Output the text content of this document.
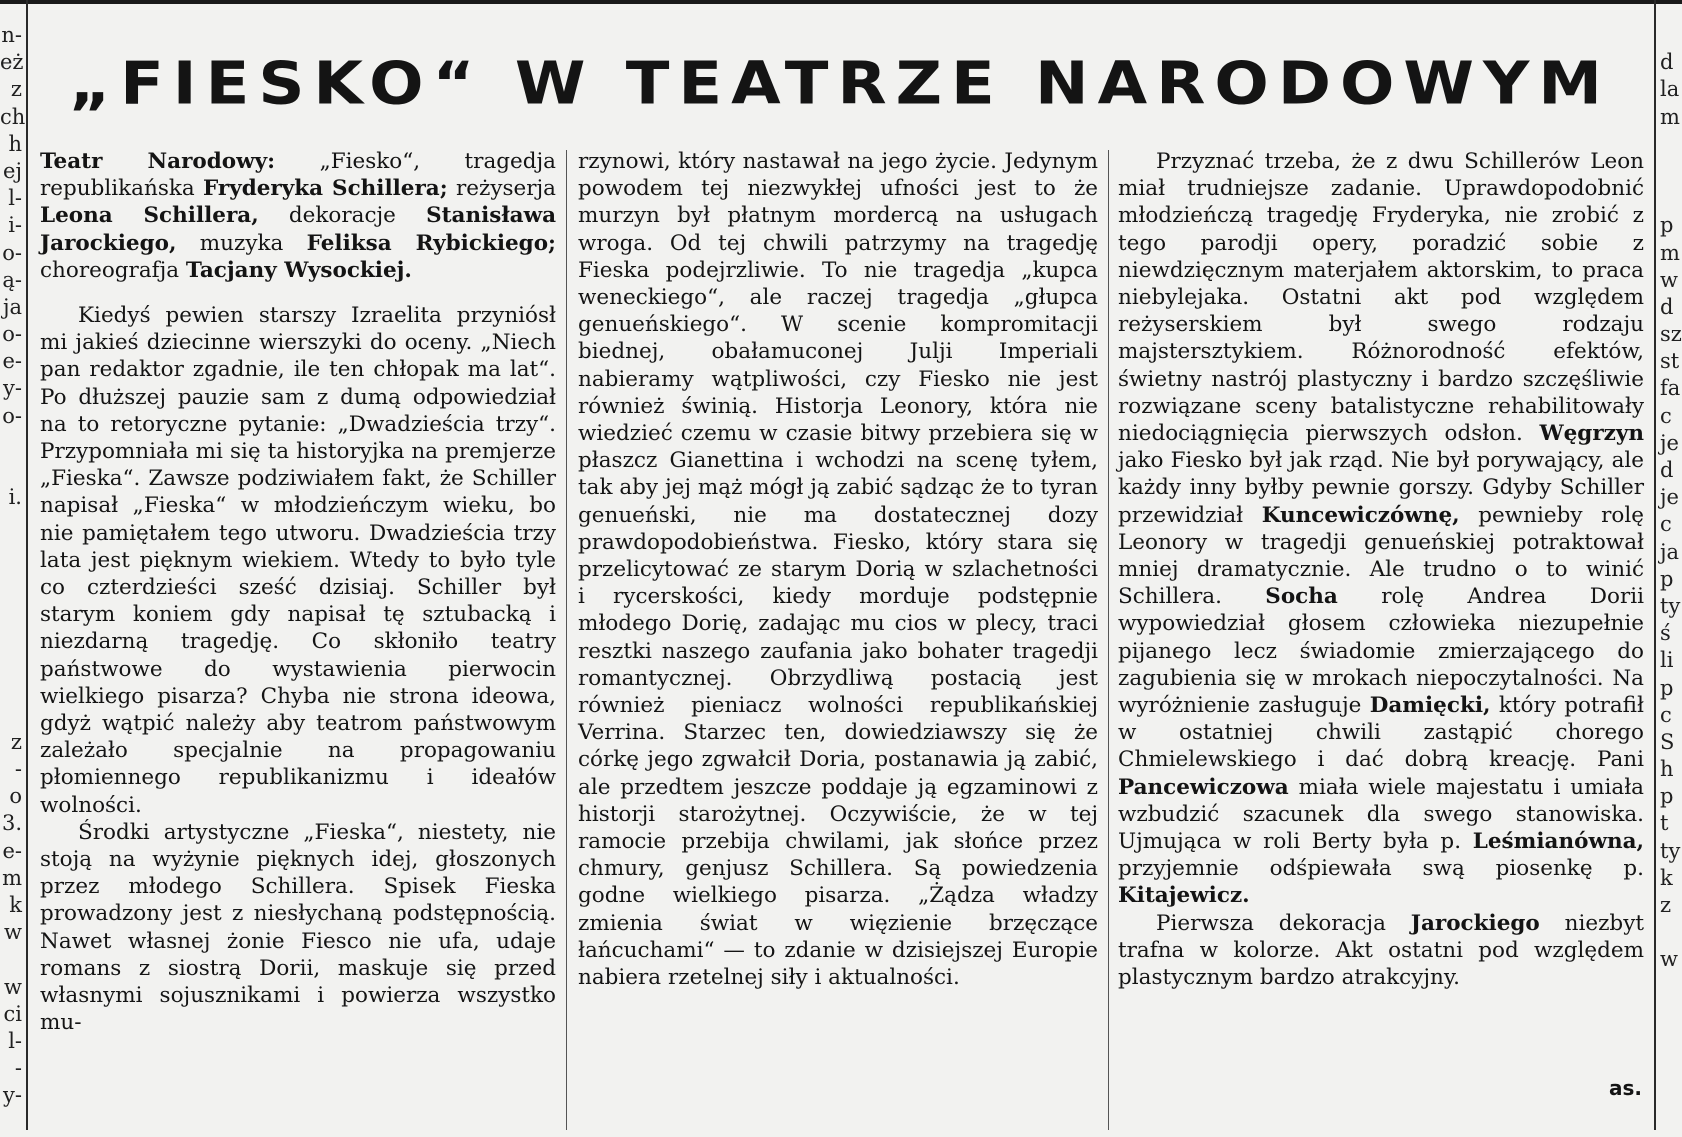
n-
eż
z
ch
h
ej
l-
i-
o-
ą-
ja
o-
e-
y-
o-
i.
z
-
o
3.
e-
m
k
w
w
ci
l-
-
y-
d
la
m
p
m
w
d
sz
st
fa
c
je
d
je
c
ja
p
ty
ś
li
p
c
S
h
p
t
ty
k
z
w
„FIESKO“ W TEATRZE NARODOWYM

Teatr Narodowy: „Fiesko“, tragedja republikańska Fryderyka Schillera; reżyserja Leona Schillera, dekoracje Stanisława Jarockiego, muzyka Feliksa Rybickiego; choreografja Tacjany Wysockiej.

Kiedyś pewien starszy Izraelita przyniósł mi jakieś dziecinne wierszyki do oceny. „Niech pan redaktor zgadnie, ile ten chłopak ma lat“. Po dłuższej pauzie sam z dumą odpowiedział na to retoryczne pytanie: „Dwadzieścia trzy“. Przypomniała mi się ta historyjka na premjerze „Fieska“. Zawsze podziwiałem fakt, że Schiller napisał „Fieska“ w młodzieńczym wieku, bo nie pamiętałem tego utworu. Dwadzieścia trzy lata jest pięknym wiekiem. Wtedy to było tyle co czterdzieści sześć dzisiaj. Schiller był starym koniem gdy napisał tę sztubacką i niezdarną tragedję. Co skłoniło teatry państwowe do wystawienia pierwocin wielkiego pisarza? Chyba nie strona ideowa, gdyż wątpić należy aby teatrom państwowym zależało specjalnie na propagowaniu płomiennego republikanizmu i ideałów wolności.

Środki artystyczne „Fieska“, niestety, nie stoją na wyżynie pięknych idej, głoszonych przez młodego Schillera. Spisek Fieska prowadzony jest z niesłychaną podstępnością. Nawet własnej żonie Fiesco nie ufa, udaje romans z siostrą Dorii, maskuje się przed własnymi sojusznikami i powierza wszystko mu-

rzynowi, który nastawał na jego życie. Jedynym powodem tej niezwykłej ufności jest to że murzyn był płatnym mordercą na usługach wroga. Od tej chwili patrzymy na tragedję Fieska podejrzliwie. To nie tragedja „kupca weneckiego“, ale raczej tragedja „głupca genueńskiego“. W scenie kompromitacji biednej, obałamuconej Julji Imperiali nabieramy wątpliwości, czy Fiesko nie jest również świnią. Historja Leonory, która nie wiedzieć czemu w czasie bitwy przebiera się w płaszcz Gianettina i wchodzi na scenę tyłem, tak aby jej mąż mógł ją zabić sądząc że to tyran genueński, nie ma dostatecznej dozy prawdopodobieństwa. Fiesko, który stara się przelicytować ze starym Dorią w szlachetności i rycerskości, kiedy morduje podstępnie młodego Dorię, zadając mu cios w plecy, traci resztki naszego zaufania jako bohater tragedji romantycznej. Obrzydliwą postacią jest również pieniacz wolności republikańskiej Verrina. Starzec ten, dowiedziawszy się że córkę jego zgwałcił Doria, postanawia ją zabić, ale przedtem jeszcze poddaje ją egzaminowi z historji starożytnej. Oczywiście, że w tej ramocie przebija chwilami, jak słońce przez chmury, genjusz Schillera. Są powiedzenia godne wielkiego pisarza. „Żądza władzy zmienia świat w więzienie brzęczące łańcuchami“ — to zdanie w dzisiejszej Europie nabiera rzetelnej siły i aktualności.

Przyznać trzeba, że z dwu Schillerów Leon miał trudniejsze zadanie. Uprawdopodobnić młodzieńczą tragedję Fryderyka, nie zrobić z tego parodji opery, poradzić sobie z niewdzięcznym materjałem aktorskim, to praca niebylejaka. Ostatni akt pod względem reżyserskiem był swego rodzaju majstersztykiem. Różnorodność efektów, świetny nastrój plastyczny i bardzo szczęśliwie rozwiązane sceny batalistyczne rehabilitowały niedociągnięcia pierwszych odsłon. Węgrzyn jako Fiesko był jak rząd. Nie był porywający, ale każdy inny byłby pewnie gorszy. Gdyby Schiller przewidział Kuncewiczównę, pewnieby rolę Leonory w tragedji genueńskiej potraktował mniej dramatycznie. Ale trudno o to winić Schillera. Socha rolę Andrea Dorii wypowiedział głosem człowieka niezupełnie pijanego lecz świadomie zmierzającego do zagubienia się w mrokach niepoczytalności. Na wyróżnienie zasługuje Damięcki, który potrafił w ostatniej chwili zastąpić chorego Chmielewskiego i dać dobrą kreację. Pani Pancewiczowa miała wiele majestatu i umiała wzbudzić szacunek dla swego stanowiska. Ujmująca w roli Berty była p. Leśmianówna, przyjemnie odśpiewała swą piosenkę p. Kitajewicz.

Pierwsza dekoracja Jarockiego niezbyt trafna w kolorze. Akt ostatni pod względem plastycznym bardzo atrakcyjny.

as.
